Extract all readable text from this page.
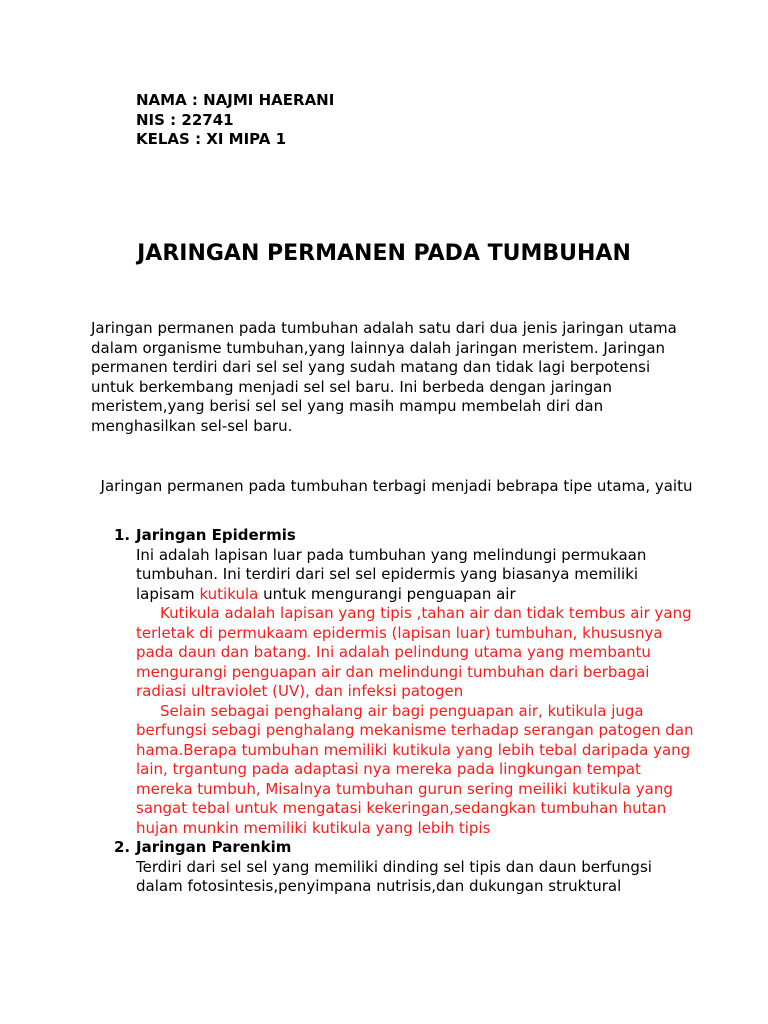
NAMA : NAJMI HAERANI
NIS : 22741
KELAS : XI MIPA 1
JARINGAN PERMANEN PADA TUMBUHAN
Jaringan permanen pada tumbuhan adalah satu dari dua jenis jaringan utama dalam organisme tumbuhan,yang lainnya dalah jaringan meristem. Jaringan permanen terdiri dari sel sel yang sudah matang dan tidak lagi berpotensi untuk berkembang menjadi sel sel baru. Ini berbeda dengan jaringan meristem,yang berisi sel sel yang masih mampu membelah diri dan menghasilkan sel-sel baru.
Jaringan permanen pada tumbuhan terbagi menjadi bebrapa tipe utama, yaitu
1. Jaringan Epidermis
Ini adalah lapisan luar pada tumbuhan yang melindungi permukaan tumbuhan. Ini terdiri dari sel sel epidermis yang biasanya memiliki lapisam kutikula untuk mengurangi penguapan air
Kutikula adalah lapisan yang tipis ,tahan air dan tidak tembus air yang terletak di permukaam epidermis (lapisan luar) tumbuhan, khususnya pada daun dan batang. Ini adalah pelindung utama yang membantu mengurangi penguapan air dan melindungi tumbuhan dari berbagai radiasi ultraviolet (UV), dan infeksi patogen
Selain sebagai penghalang air bagi penguapan air, kutikula juga berfungsi sebagi penghalang mekanisme terhadap serangan patogen dan hama.Berapa tumbuhan memiliki kutikula yang lebih tebal daripada yang lain, trgantung pada adaptasi nya mereka pada lingkungan tempat mereka tumbuh, Misalnya tumbuhan gurun sering meiliki kutikula yang sangat tebal untuk mengatasi kekeringan,sedangkan tumbuhan hutan hujan munkin memiliki kutikula yang lebih tipis
2. Jaringan Parenkim
Terdiri dari sel sel yang memiliki dinding sel tipis dan daun berfungsi dalam fotosintesis,penyimpana nutrisis,dan dukungan struktural
